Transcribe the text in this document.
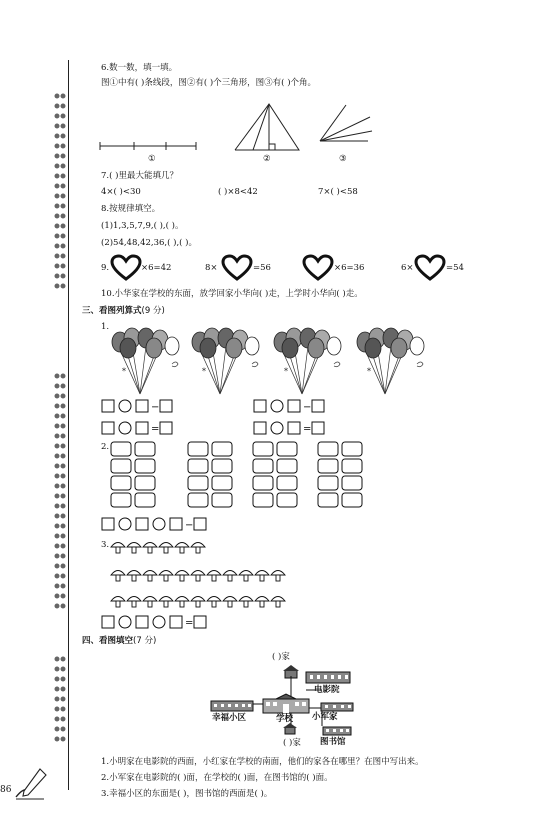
6.数一数，填一填。
图①中有( )条线段，图②有( )个三角形，图③有( )个角。
①	②	③
7.( )里最大能填几？
4×( )<30	( )×8<42	7×( )<58
8.按规律填空。
(1)1,3,5,7,9,( ),( )。
(2)54,48,42,36,( ),( )。
9.	×6=42	8×	=56	×6=36	6×	=54
10.小华家在学校的东面，放学回家小华向( )走，上学时小华向( )走。
三、看图列算式(9 分)
1.
*	*	*	*
−	−
=	=
2.
−
3.
=
四、看图填空(7 分)
( )家
电影院
幸福小区	学校 小军家
( )家 图书馆
1.小明家在电影院的西面，小红家在学校的南面，他们的家各在哪里？在图中写出来。
2.小军家在电影院的( )面，在学校的( )面，在图书馆的( )面。
3.幸福小区的东面是( )，图书馆的西面是( )。
86
